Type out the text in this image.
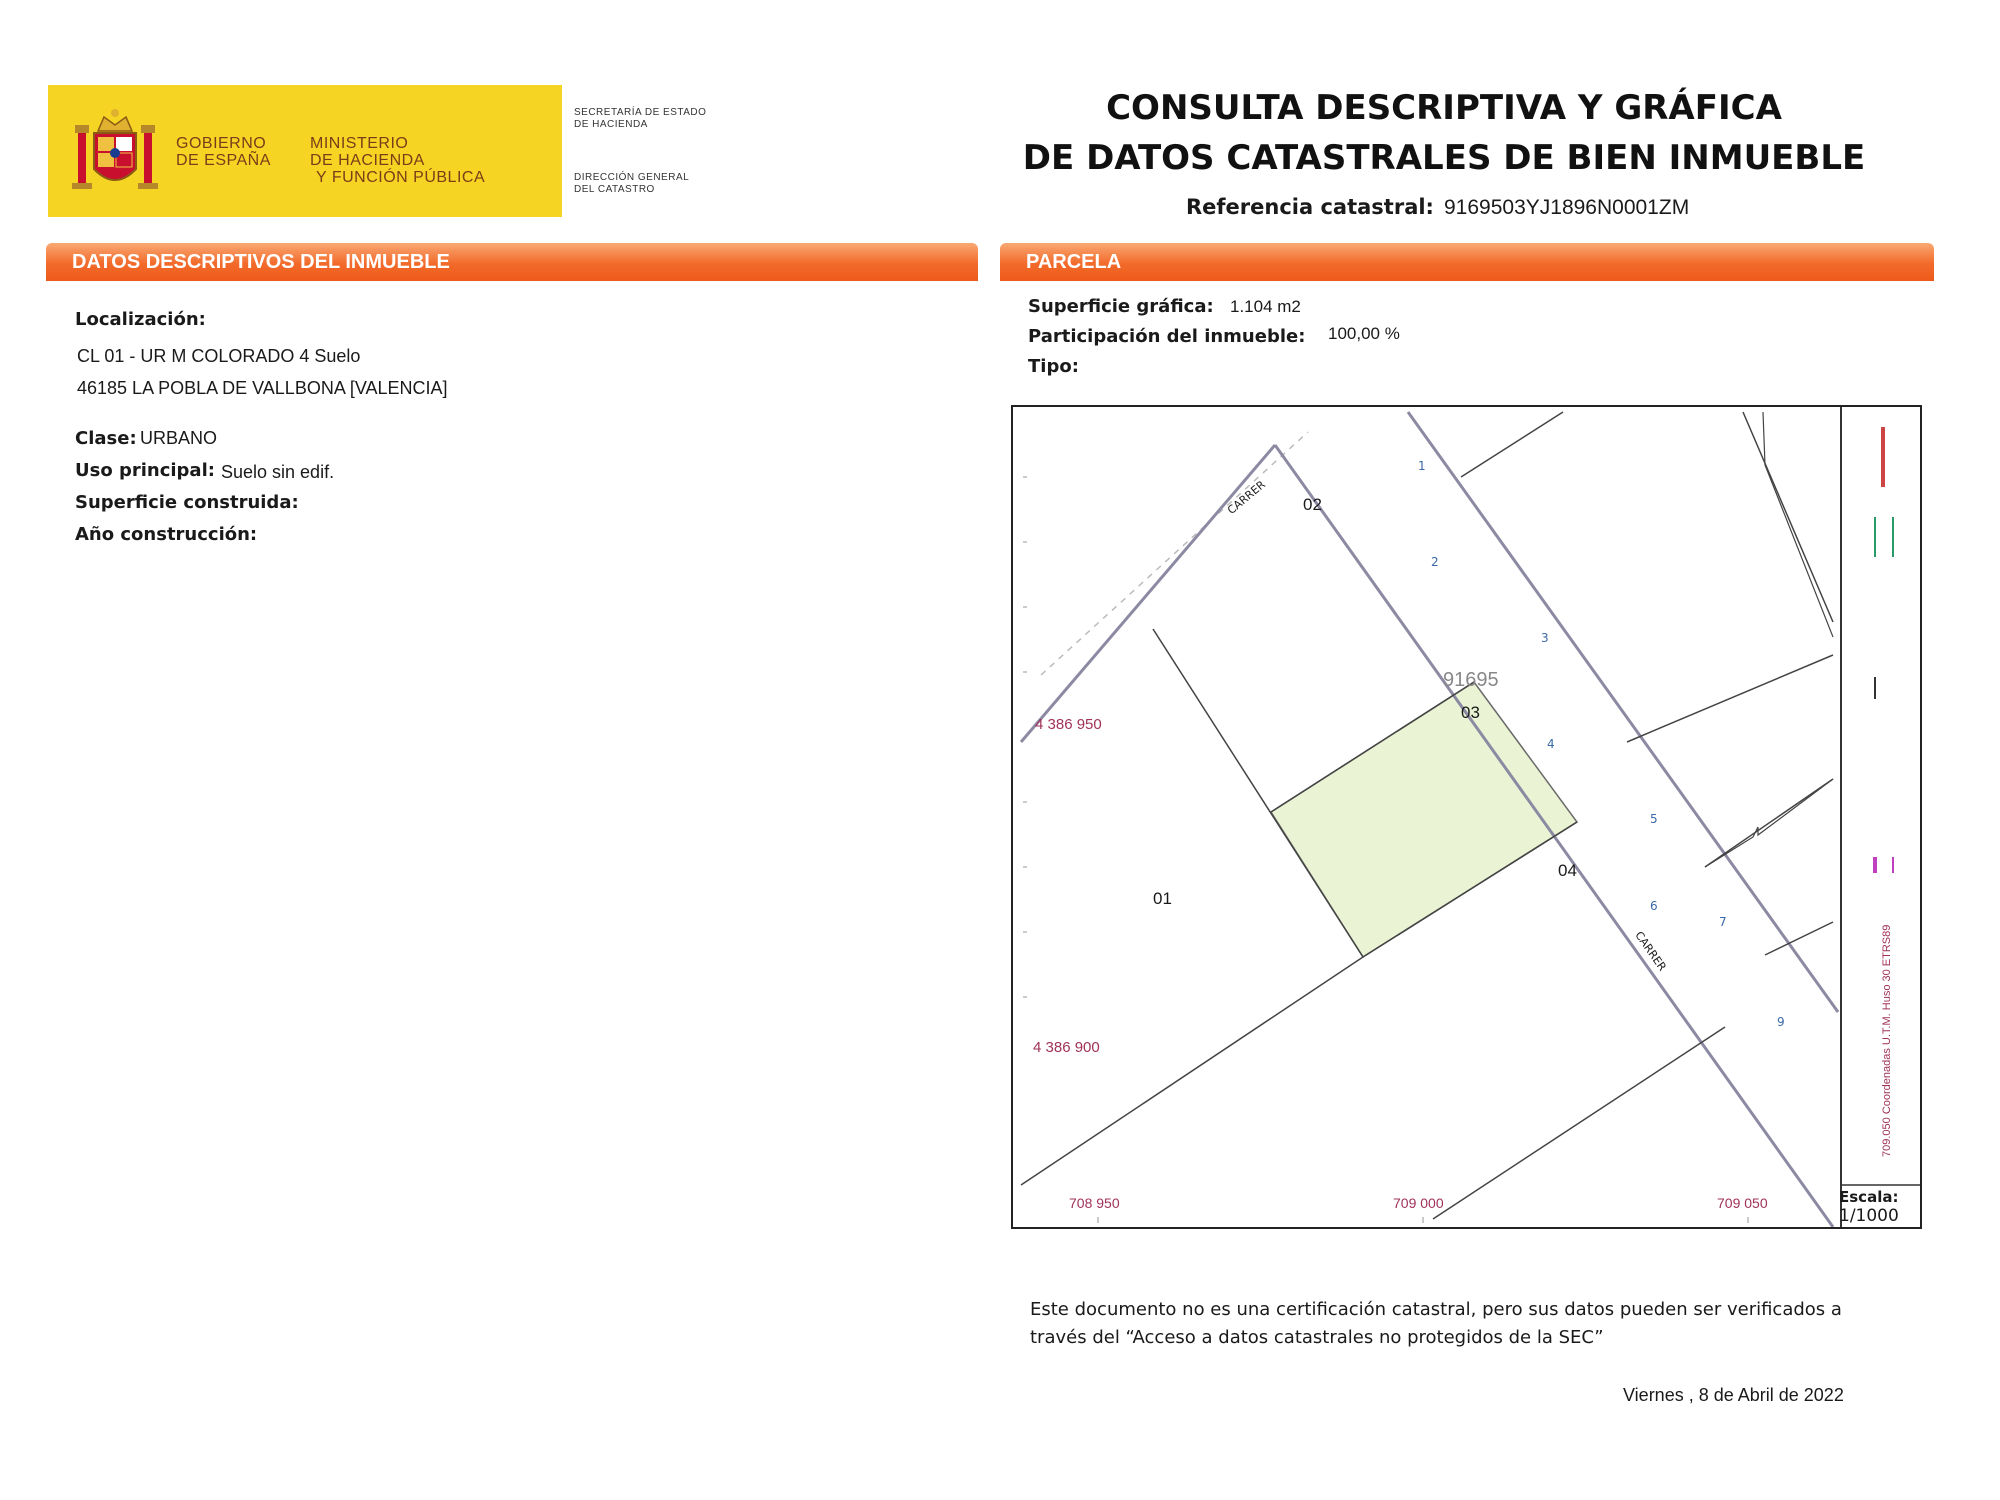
GOBIERNO
DE ESPAÑA
MINISTERIO
DE HACIENDA
Y FUNCIÓN PÚBLICA
SECRETARÍA DE ESTADO
DE HACIENDA
DIRECCIÓN GENERAL
DEL CATASTRO
CONSULTA DESCRIPTIVA Y GRÁFICA
DE DATOS CATASTRALES DE BIEN INMUEBLE
Referencia catastral: 9169503YJ1896N0001ZM
DATOS DESCRIPTIVOS DEL INMUEBLE	PARCELA
Localización:
CL 01 - UR M COLORADO 4 Suelo
46185 LA POBLA DE VALLBONA [VALENCIA]
Clase: URBANO
Uso principal: Suelo sin edif.
Superficie construida:
Año construcción:
Superficie gráfica: 1.104 m2
Participación del inmueble: 100,00 %
Tipo:
02
03
04
01
91695
CARRER
CARRER
1
2
3
4
5
6
7
9
4 386 950
4 386 900
708 950	709 000	709 050
709.050 Coordenadas U.T.M. Huso 30 ETRS89
Escala:
1/1000
Este documento no es una certificación catastral, pero sus datos pueden ser verificados a través del “Acceso a datos catastrales no protegidos de la SEC”
Viernes , 8 de Abril de 2022
